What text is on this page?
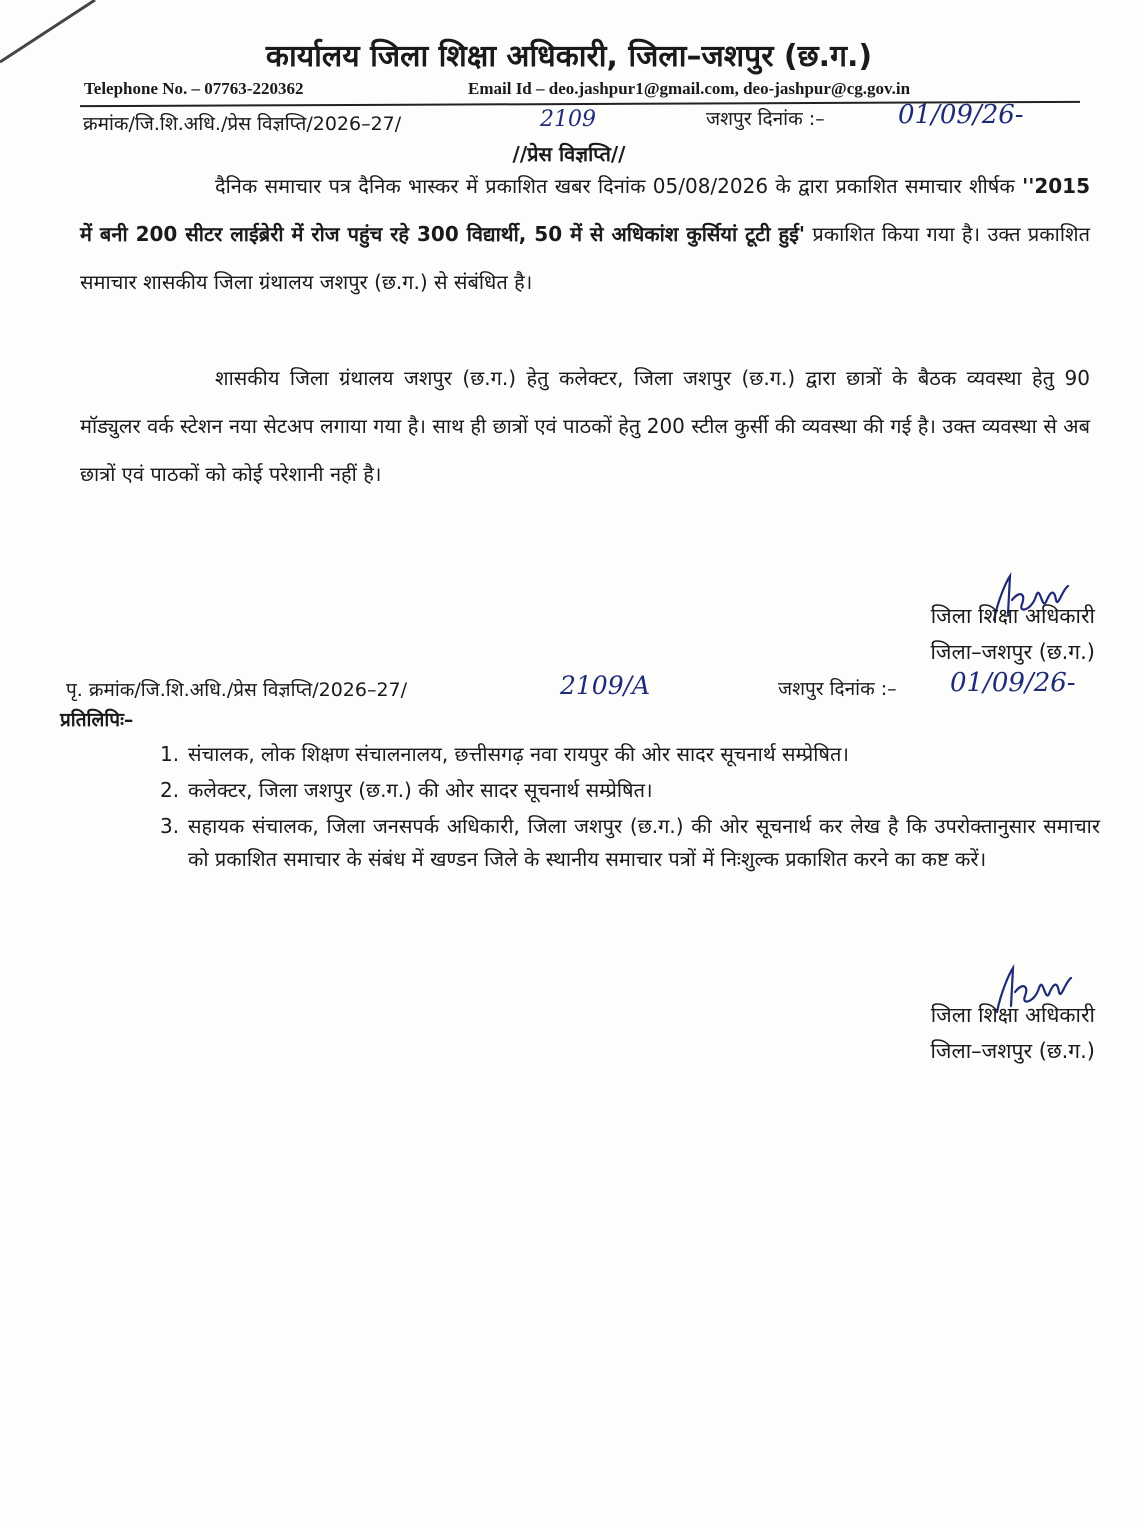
कार्यालय जिला शिक्षा अधिकारी, जिला–जशपुर (छ.ग.)
Telephone No. – 07763-220362	Email Id – deo.jashpur1@gmail.com, deo-jashpur@cg.gov.in
क्रमांक/जि.शि.अधि./प्रेस विज्ञप्ति/2026–27/	2109	जशपुर दिनांक :–	01/09/26-
//प्रेस विज्ञप्ति//
दैनिक समाचार पत्र दैनिक भास्कर में प्रकाशित खबर दिनांक 05/08/2026 के द्वारा प्रकाशित समाचार शीर्षक ''2015 में बनी 200 सीटर लाईब्रेरी में रोज पहुंच रहे 300 विद्यार्थी, 50 में से अधिकांश कुर्सियां टूटी हुई' प्रकाशित किया गया है। उक्त प्रकाशित समाचार शासकीय जिला ग्रंथालय जशपुर (छ.ग.) से संबंधित है।
शासकीय जिला ग्रंथालय जशपुर (छ.ग.) हेतु कलेक्टर, जिला जशपुर (छ.ग.) द्वारा छात्रों के बैठक व्यवस्था हेतु 90 मॉड्युलर वर्क स्टेशन नया सेटअप लगाया गया है। साथ ही छात्रों एवं पाठकों हेतु 200 स्टील कुर्सी की व्यवस्था की गई है। उक्त व्यवस्था से अब छात्रों एवं पाठकों को कोई परेशानी नहीं है।
जिला शिक्षा अधिकारी
जिला–जशपुर (छ.ग.)
पृ. क्रमांक/जि.शि.अधि./प्रेस विज्ञप्ति/2026–27/	2109/A	जशपुर दिनांक :– 01/09/26-
प्रतिलिपिः–
1. संचालक, लोक शिक्षण संचालनालय, छत्तीसगढ़ नवा रायपुर की ओर सादर सूचनार्थ सम्प्रेषित।
2. कलेक्टर, जिला जशपुर (छ.ग.) की ओर सादर सूचनार्थ सम्प्रेषित।
3. सहायक संचालक, जिला जनसपर्क अधिकारी, जिला जशपुर (छ.ग.) की ओर सूचनार्थ कर लेख है कि उपरोक्तानुसार समाचार को प्रकाशित समाचार के संबंध में खण्डन जिले के स्थानीय समाचार पत्रों में निःशुल्क प्रकाशित करने का कष्ट करें।
जिला शिक्षा अधिकारी
जिला–जशपुर (छ.ग.)
